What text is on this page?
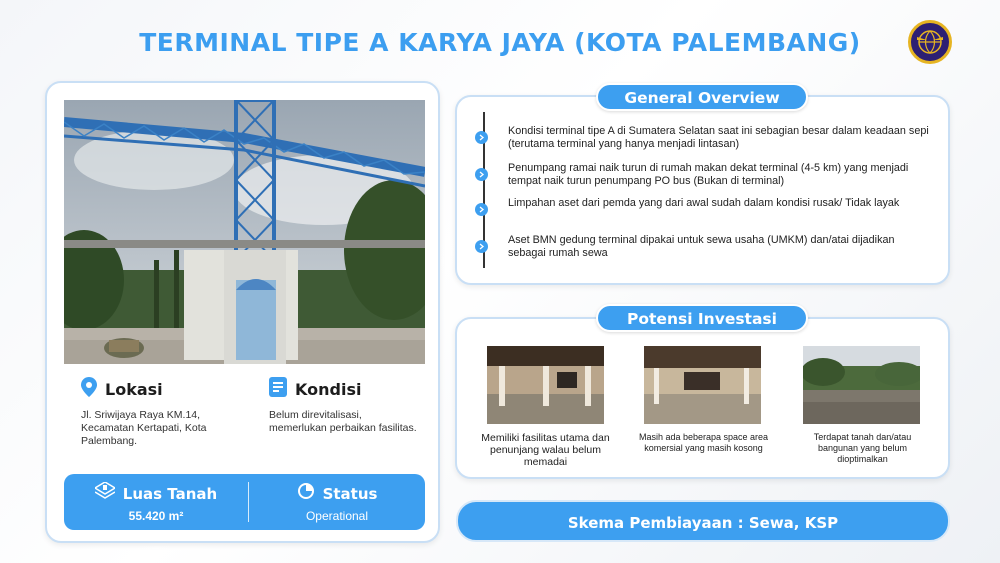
TERMINAL TIPE A KARYA JAYA (KOTA PALEMBANG)
Lokasi
Jl. Sriwijaya Raya KM.14, Kecamatan Kertapati, Kota Palembang.
Kondisi
Belum direvitalisasi, memerlukan perbaikan fasilitas.
Luas Tanah
55.420 m²
Status
Operational
General Overview
Kondisi terminal tipe A di Sumatera Selatan saat ini sebagian besar dalam keadaan sepi (terutama terminal yang hanya menjadi lintasan)
Penumpang ramai naik turun di rumah makan dekat terminal (4-5 km) yang menjadi tempat naik turun penumpang PO bus (Bukan di terminal)
Limpahan aset dari pemda yang dari awal sudah dalam kondisi rusak/ Tidak layak
Aset BMN gedung terminal dipakai untuk sewa usaha (UMKM) dan/atai dijadikan sebagai rumah sewa
Potensi Investasi
Memiliki fasilitas utama dan penunjang walau belum memadai
Masih ada beberapa space area komersial yang masih kosong
Terdapat tanah dan/atau bangunan yang belum dioptimalkan
Skema Pembiayaan : Sewa, KSP
